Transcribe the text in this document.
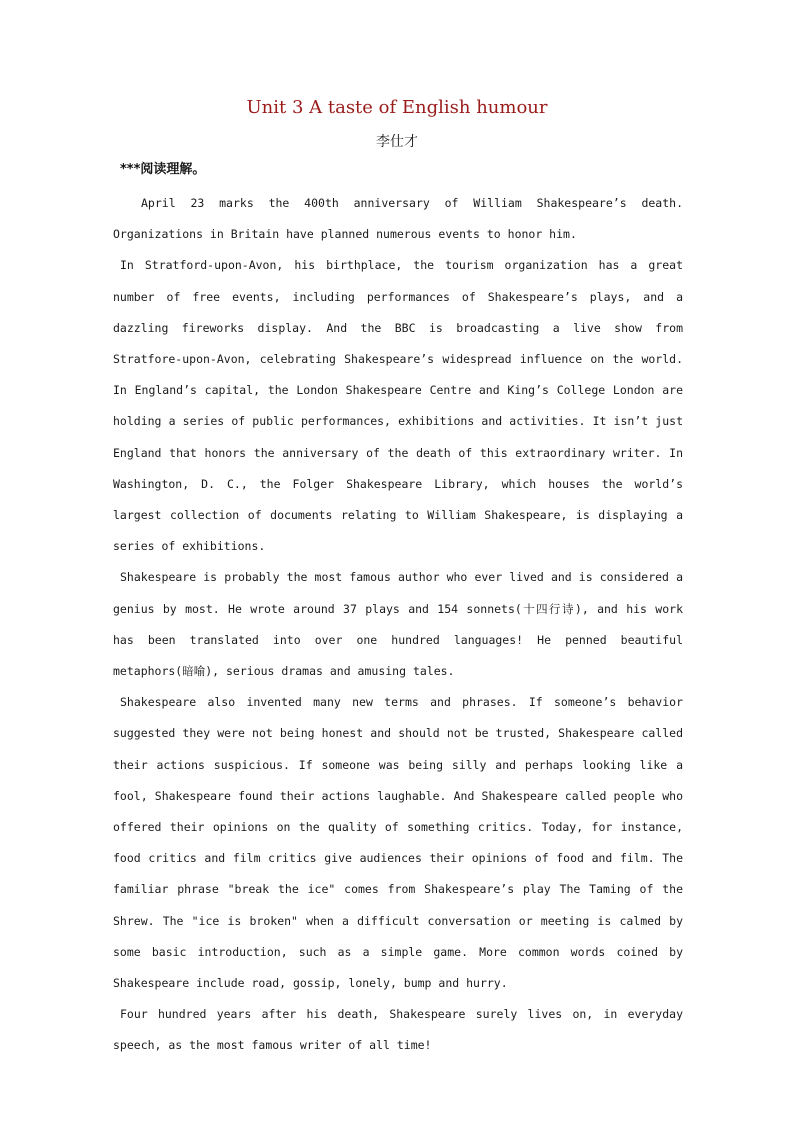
Unit 3 A taste of English humour
李仕才
***阅读理解。

April 23 marks the 400th anniversary of William Shakespeare’s death. Organizations in Britain have planned numerous events to honor him.

In Stratford-upon-Avon, his birthplace, the tourism organization has a great number of free events, including performances of Shakespeare’s plays, and a dazzling fireworks display. And the BBC is broadcasting a live show from Stratfore-upon-Avon, celebrating Shakespeare’s widespread influence on the world. In England’s capital, the London Shakespeare Centre and King’s College London are holding a series of public performances, exhibitions and activities. It isn’t just England that honors the anniversary of the death of this extraordinary writer. In Washington, D. C., the Folger Shakespeare Library, which houses the world’s largest collection of documents relating to William Shakespeare, is displaying a series of exhibitions.

Shakespeare is probably the most famous author who ever lived and is considered a genius by most. He wrote around 37 plays and 154 sonnets(十四行诗), and his work has been translated into over one hundred languages! He penned beautiful metaphors(暗喻), serious dramas and amusing tales.

Shakespeare also invented many new terms and phrases. If someone’s behavior suggested they were not being honest and should not be trusted, Shakespeare called their actions suspicious. If someone was being silly and perhaps looking like a fool, Shakespeare found their actions laughable. And Shakespeare called people who offered their opinions on the quality of something critics. Today, for instance, food critics and film critics give audiences their opinions of food and film. The familiar phrase "break the ice" comes from Shakespeare’s play The Taming of the Shrew. The "ice is broken" when a difficult conversation or meeting is calmed by some basic introduction, such as a simple game. More common words coined by Shakespeare include road, gossip, lonely, bump and hurry.

Four hundred years after his death, Shakespeare surely lives on, in everyday speech, as the most famous writer of all time!
